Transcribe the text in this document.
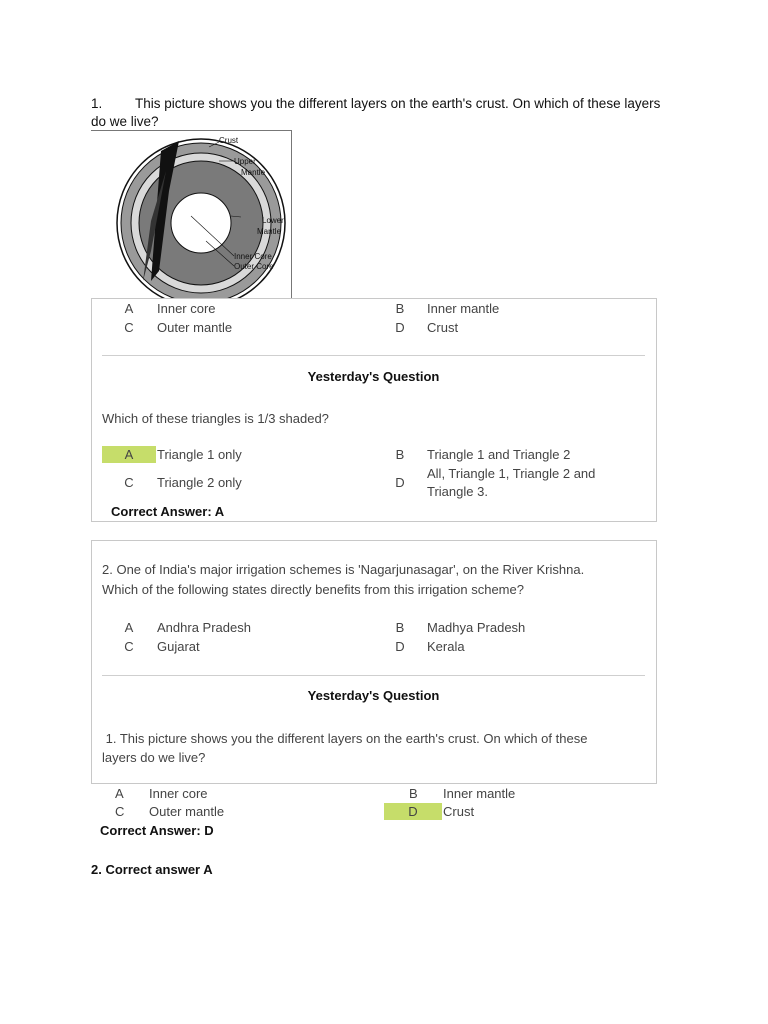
1. This picture shows you the different layers on the earth's crust. On which of these layers
do we live?
Crust
Upper
Mantle
Lower
Mantle
Inner Core
Outer Core
A	Inner core	B	Inner mantle
C	Outer mantle	D	Crust
Yesterday's Question
Which of these triangles is 1/3 shaded?
A	Triangle 1 only	B	Triangle 1 and Triangle 2
C	Triangle 2 only	D
All, Triangle 1, Triangle 2 and
Triangle 3.
Correct Answer: A
2. One of India's major irrigation schemes is 'Nagarjunasagar', on the River Krishna.
Which of the following states directly benefits from this irrigation scheme?
A	Andhra Pradesh	B	Madhya Pradesh
C	Gujarat	D	Kerala
Yesterday's Question
1. This picture shows you the different layers on the earth's crust. On which of these
layers do we live?
A Inner core	B Inner mantle
C Outer mantle	D	Crust
Correct Answer: D
2. Correct answer A
